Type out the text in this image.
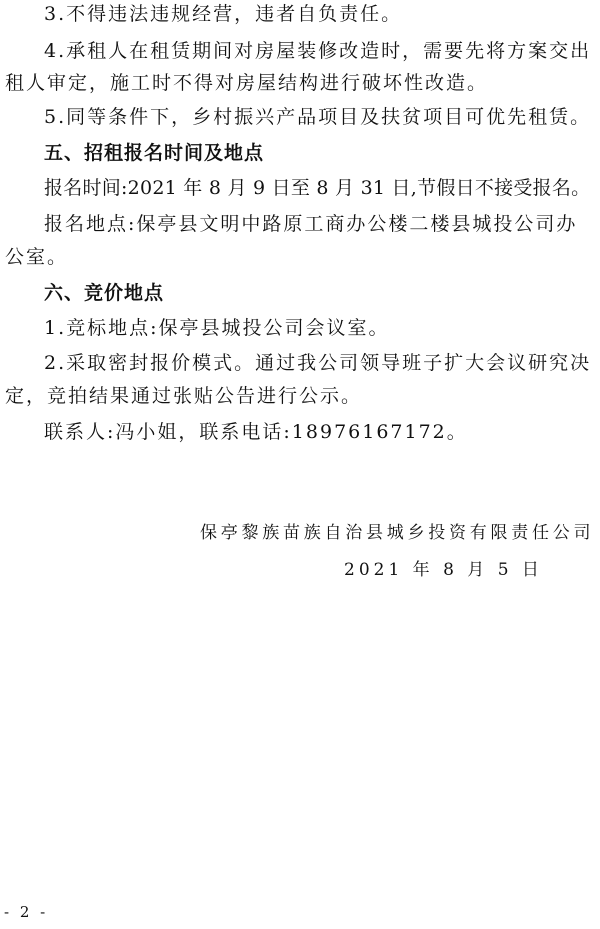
3.不得违法违规经营，违者自负责任。
4.承租人在租赁期间对房屋装修改造时，需要先将方案交出
租人审定，施工时不得对房屋结构进行破坏性改造。
5.同等条件下，乡村振兴产品项目及扶贫项目可优先租赁。
五、招租报名时间及地点
报名时间:2021 年 8 月 9 日至 8 月 31 日,节假日不接受报名。
报名地点:保亭县文明中路原工商办公楼二楼县城投公司办
公室。
六、竞价地点
1.竞标地点:保亭县城投公司会议室。
2.采取密封报价模式。通过我公司领导班子扩大会议研究决
定，竞拍结果通过张贴公告进行公示。
联系人:冯小姐，联系电话:18976167172。
保亭黎族苗族自治县城乡投资有限责任公司
2021 年 8 月 5 日
- 2 -
